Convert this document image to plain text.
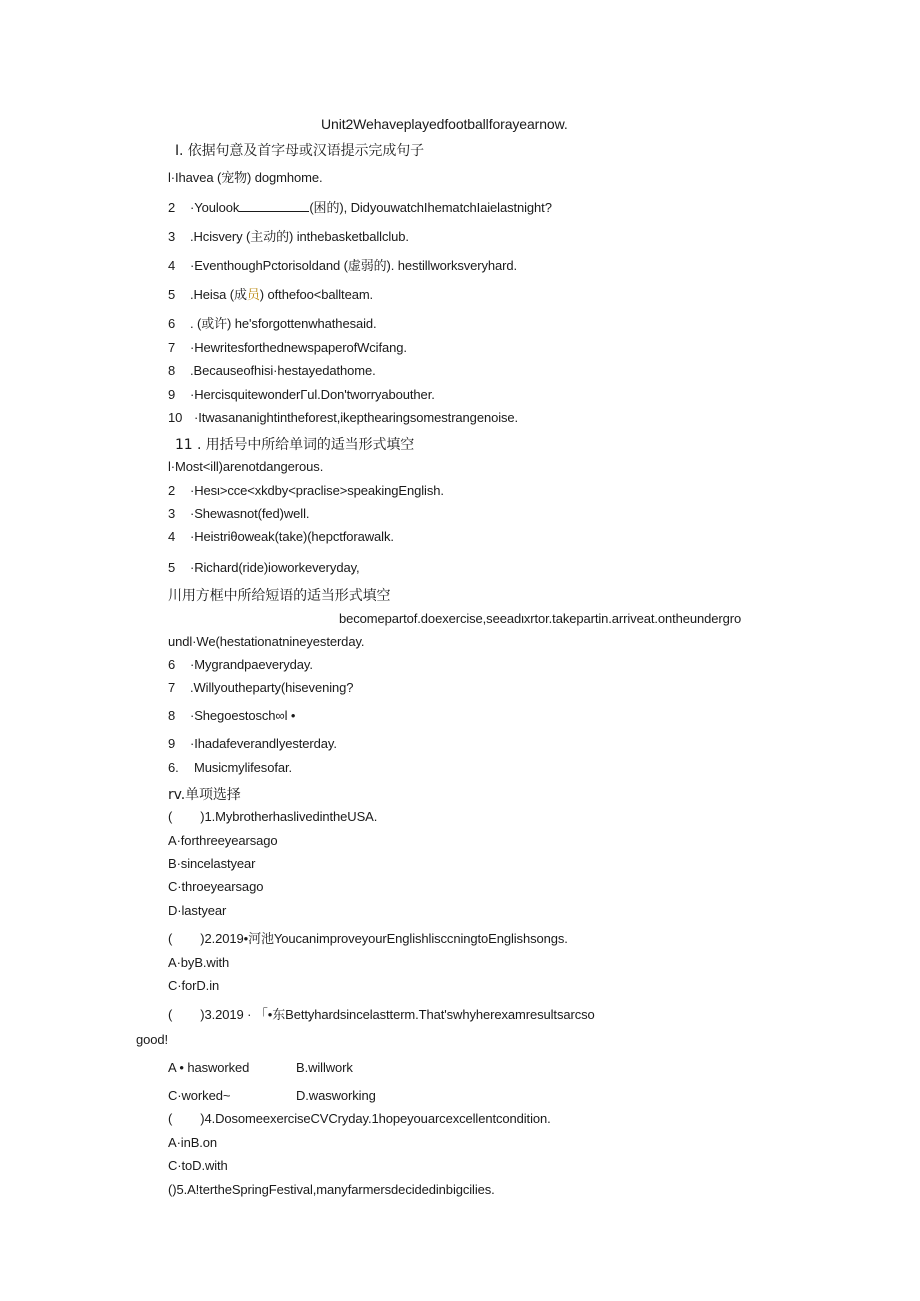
Unit2Wehaveplayedfootballforayearnow.
I. 依据句意及首字母或汉语提示完成句子
l·Ihavea (宠物) dogmhome.
2 ·Youlook	(困的), DidyouwatchIhematchIaielastnight?
3 .Hcisvery (主动的) inthebasketballclub.
4 ·EventhoughPctorisoldand (虚弱的). hestillworksveryhard.
5 .Heisa (成员) ofthefoo<ballteam.
6 . (或许) he'sforgottenwhathesaid.
7 ·HewritesforthednewspaperofWcifang.
8 .Becauseofhisi·hestayedathome.
9 ·HercisquitewonderΓul.Don'tworryabouther.
10 ·Itwasananightintheforest,ikepthearingsomestrangenoise.
11 . 用括号中所给单词的适当形式填空
l·Most<ill)arenotdangerous.
2 ·Hesι>cce<xkdby<praclise>speakingEnglish.
3 ·Shewasnot(fed)well.
4 ·Heistriθoweak(take)(hepctforawalk.
5 ·Richard(ride)ioworkeveryday,
川用方框中所给短语的适当形式填空
becomepartof.doexercise,seeadιxrtor.takepartin.arriveat.ontheundergro
undl·We(hestationatnineyesterday.
6 ·Mygrandpaeveryday.
7 .Willyoutheparty(hisevening?
8 ·Shegoestosch∞l •
9 ·Ihadafeverandlyesterday.
6. Musicmylifesofar.
rv.单项选择
( )1.MybrotherhaslivedintheUSA.
A·forthreeyearsago
B·sincelastyear
C·throeyearsago
D·lastyear
( )2.2019•河池YoucanimproveyourEnglishlisccningtoEnglishsongs.
A·byB.with
C·forD.in
( )3.2019 · 「•东Bettyhardsincelastterm.That'swhyherexamresultsarcso
good!
A • hasworked	B.willwork
C·worked~	D.wasworking
( )4.DosomeexerciseCVCryday.1hopeyouarcexcellentcondition.
A·inB.on
C·toD.with
()5.A!tertheSpringFestival,manyfarmersdecidedinbigcilies.
